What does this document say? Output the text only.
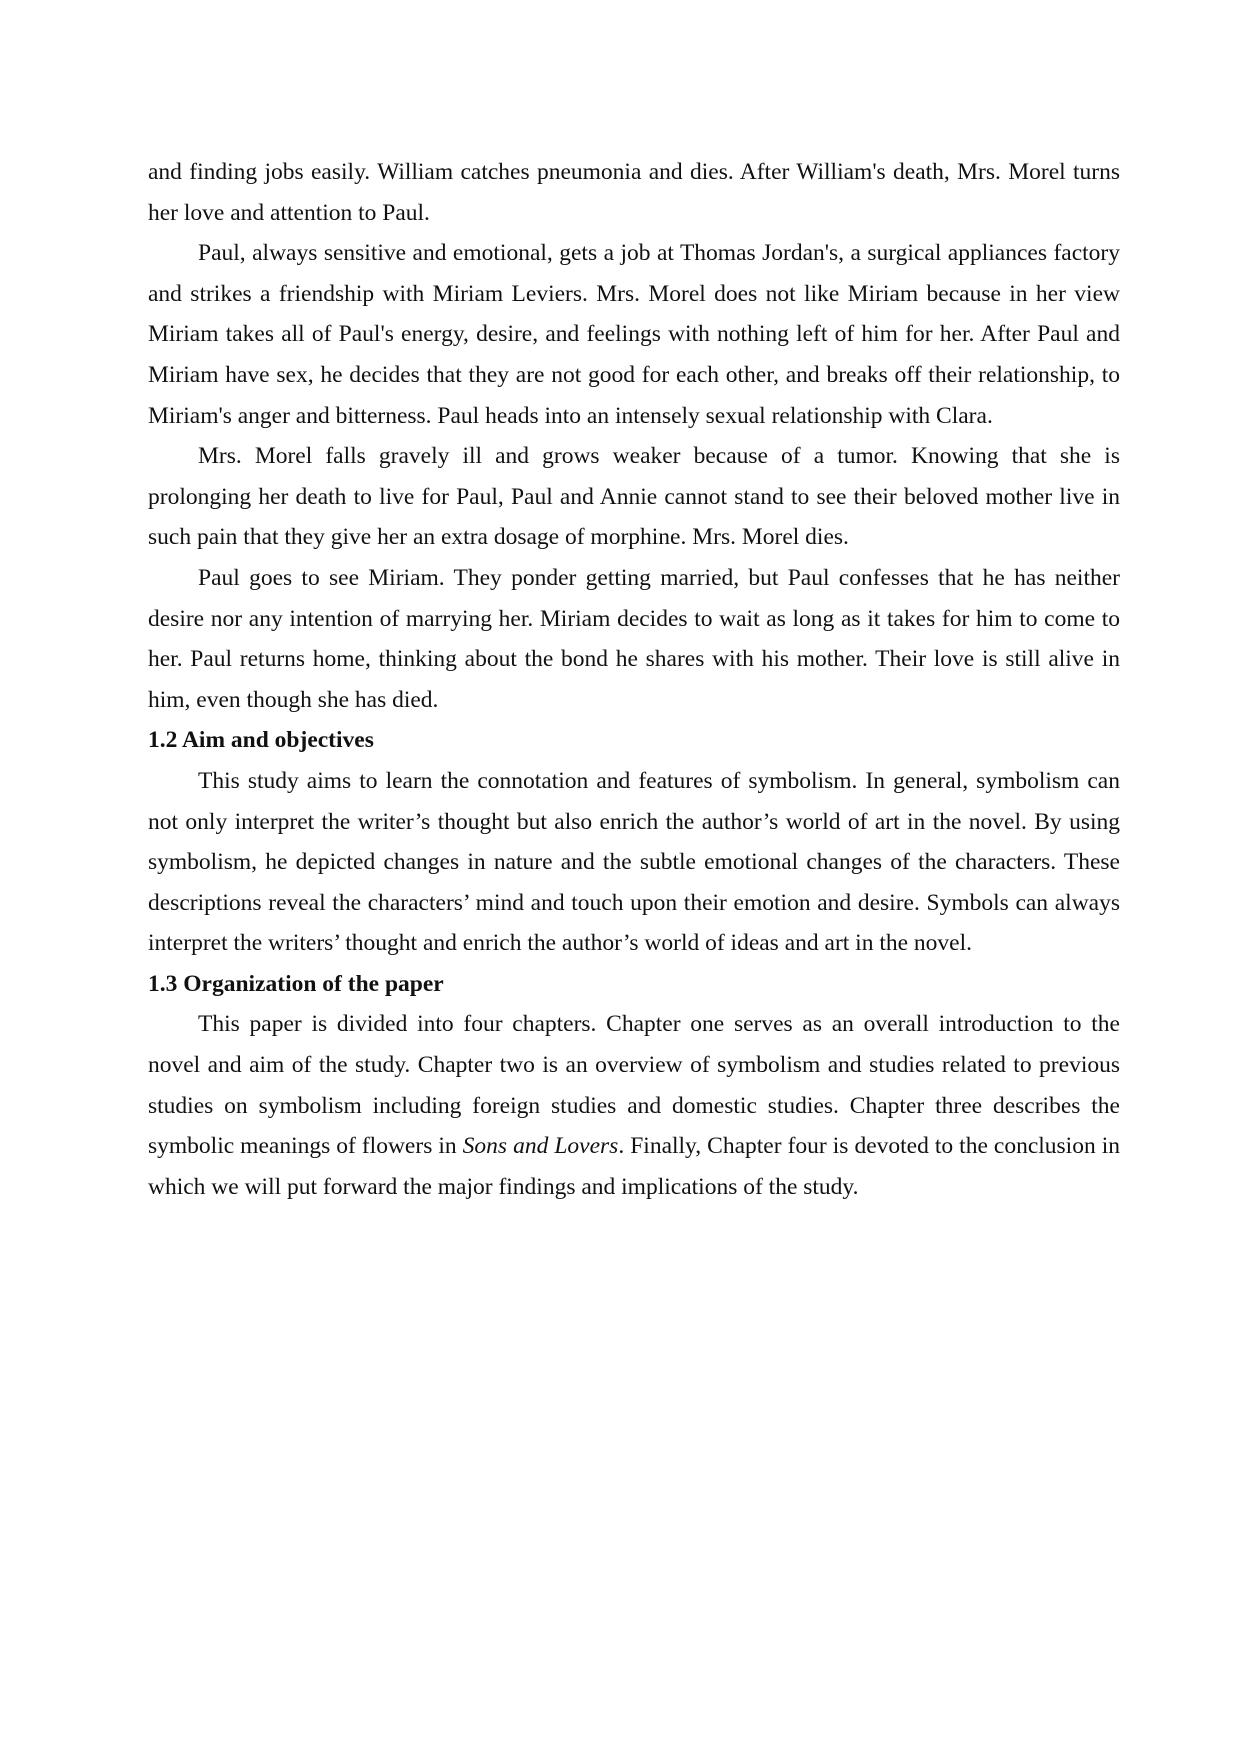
and finding jobs easily. William catches pneumonia and dies. After William's death, Mrs. Morel turns her love and attention to Paul.

Paul, always sensitive and emotional, gets a job at Thomas Jordan's, a surgical appliances factory and strikes a friendship with Miriam Leviers. Mrs. Morel does not like Miriam because in her view Miriam takes all of Paul's energy, desire, and feelings with nothing left of him for her. After Paul and Miriam have sex, he decides that they are not good for each other, and breaks off their relationship, to Miriam's anger and bitterness. Paul heads into an intensely sexual relationship with Clara.

Mrs. Morel falls gravely ill and grows weaker because of a tumor. Knowing that she is prolonging her death to live for Paul, Paul and Annie cannot stand to see their beloved mother live in such pain that they give her an extra dosage of morphine. Mrs. Morel dies.

Paul goes to see Miriam. They ponder getting married, but Paul confesses that he has neither desire nor any intention of marrying her. Miriam decides to wait as long as it takes for him to come to her. Paul returns home, thinking about the bond he shares with his mother. Their love is still alive in him, even though she has died.

1.2 Aim and objectives

This study aims to learn the connotation and features of symbolism. In general, symbolism can not only interpret the writer’s thought but also enrich the author’s world of art in the novel. By using symbolism, he depicted changes in nature and the subtle emotional changes of the characters. These descriptions reveal the characters’ mind and touch upon their emotion and desire. Symbols can always interpret the writers’ thought and enrich the author’s world of ideas and art in the novel.

1.3 Organization of the paper

This paper is divided into four chapters. Chapter one serves as an overall introduction to the novel and aim of the study. Chapter two is an overview of symbolism and studies related to previous studies on symbolism including foreign studies and domestic studies. Chapter three describes the symbolic meanings of flowers in Sons and Lovers. Finally, Chapter four is devoted to the conclusion in which we will put forward the major findings and implications of the study.
